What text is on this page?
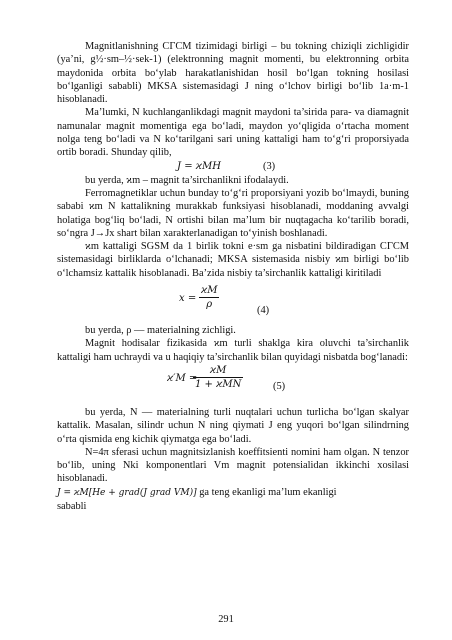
Magnitlanishning CΓCM tizimidagi birligi – bu tokning chiziqli zichligidir (ya’ni, g½·sm–½·sek-1) (elektronning magnit momenti, bu elektronning orbita maydonida orbita bo‘ylab harakatlanishidan hosil bo‘lgan tokning hosilasi bo‘lganligi sababli) MKSA sistemasidagi J ning o‘lchov birligi bo‘lib 1a·m-1 hisoblanadi.

Ma’lumki, N kuchlanganlikdagi magnit maydoni ta’sirida para- va diamagnit namunalar magnit momentiga ega bo‘ladi, maydon yo‘qligida o‘rtacha moment nolga teng bo‘ladi va N ko‘tarilgani sari uning kattaligi ham to‘g‘ri proporsiyada ortib boradi. Shunday qilib,

J = ϰMH	(3)

bu yerda, ϰm – magnit ta’sirchanlikni ifodalaydi.

Ferromagnetiklar uchun bunday to‘g‘ri proporsiyani yozib bo‘lmaydi, buning sababi ϰm N kattalikning murakkab funksiyasi hisoblanadi, moddaning avvalgi holatiga bog‘liq bo‘ladi, N ortishi bilan ma’lum bir nuqtagacha ko‘tarilib boradi, so‘ngra J→Jx shart bilan xarakterlanadigan to‘yinish boshlanadi.

ϰm kattaligi SGSM da 1 birlik tokni e·sm ga nisbatini bildiradigan CΓCM sistemasidagi birliklarda o‘lchanadi; MKSA sistemasida nisbiy ϰm birligi bo‘lib o‘lchamsiz kattalik hisoblanadi. Ba’zida nisbiy ta’sirchanlik kattaligi kiritiladi

$x = \frac{ϰM}{\rho}$	(4)

bu yerda, ρ — materialning zichligi.

Magnit hodisalar fizikasida ϰm turli shaklga kira oluvchi ta’sirchanlik kattaligi ham uchraydi va u haqiqiy ta’sirchanlik bilan quyidagi nisbatda bog‘lanadi:

ϰ′M =
ϰM
1 + ϰMN	(5)

bu yerda, N — materialning turli nuqtalari uchun turlicha bo‘lgan skalyar kattalik. Masalan, silindr uchun N ning qiymati J eng yuqori bo‘lgan silindrning o‘rta qismida eng kichik qiymatga ega bo‘ladi.

N=4π sferasi uchun magnitsizlanish koeffitsienti nomini ham olgan. N tenzor bo‘lib, uning Nki komponentlari Vm magnit potensialidan ikkinchi xosilasi hisoblanadi.

J = ϰM[He + grad(J grad VM)] ga teng ekanligi ma’lum ekanligi

sababli

291
